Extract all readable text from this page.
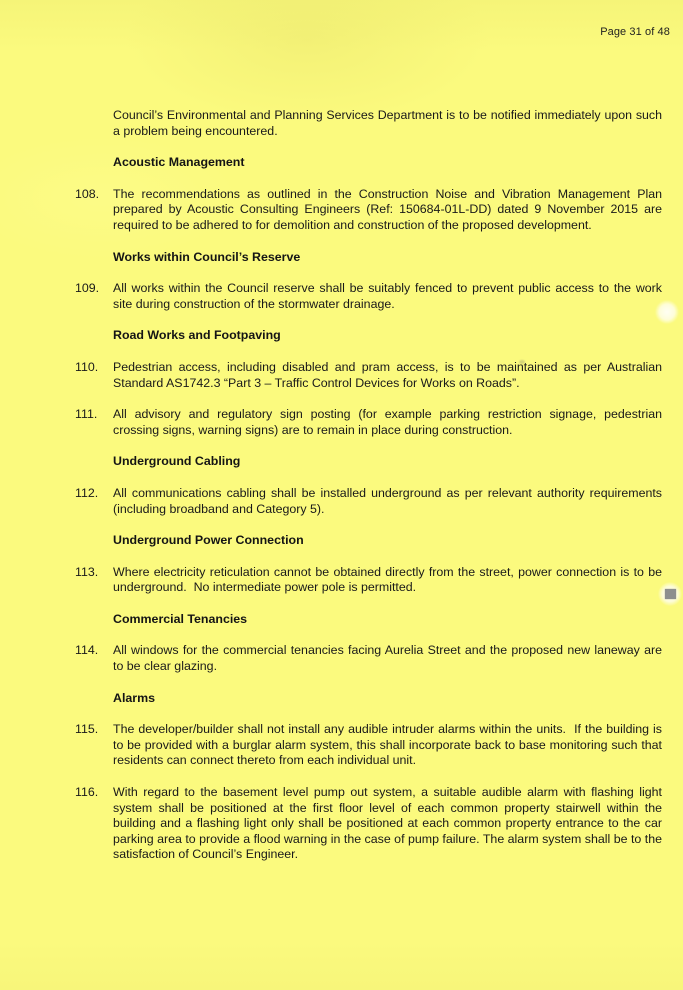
Page 31 of 48

Council’s Environmental and Planning Services Department is to be notified immediately upon such a problem being encountered.

Acoustic Management
108.	The recommendations as outlined in the Construction Noise and Vibration Management Plan prepared by Acoustic Consulting Engineers (Ref: 150684-01L-DD) dated 9 November 2015 are required to be adhered to for demolition and construction of the proposed development.

Works within Council’s Reserve
109.	All works within the Council reserve shall be suitably fenced to prevent public access to the work site during construction of the stormwater drainage.

Road Works and Footpaving
110.	Pedestrian access, including disabled and pram access, is to be maintained as per Australian Standard AS1742.3 “Part 3 – Traffic Control Devices for Works on Roads”.

111.	All advisory and regulatory sign posting (for example parking restriction signage, pedestrian crossing signs, warning signs) are to remain in place during construction.

Underground Cabling
112.	All communications cabling shall be installed underground as per relevant authority requirements (including broadband and Category 5).

Underground Power Connection
113.	Where electricity reticulation cannot be obtained directly from the street, power connection is to be underground.  No intermediate power pole is permitted.

Commercial Tenancies
114.	All windows for the commercial tenancies facing Aurelia Street and the proposed new laneway are to be clear glazing.

Alarms
115.	The developer/builder shall not install any audible intruder alarms within the units.  If the building is to be provided with a burglar alarm system, this shall incorporate back to base monitoring such that residents can connect thereto from each individual unit.

116.	With regard to the basement level pump out system, a suitable audible alarm with flashing light system shall be positioned at the first floor level of each common property stairwell within the building and a flashing light only shall be positioned at each common property entrance to the car parking area to provide a flood warning in the case of pump failure. The alarm system shall be to the satisfaction of Council’s Engineer.
